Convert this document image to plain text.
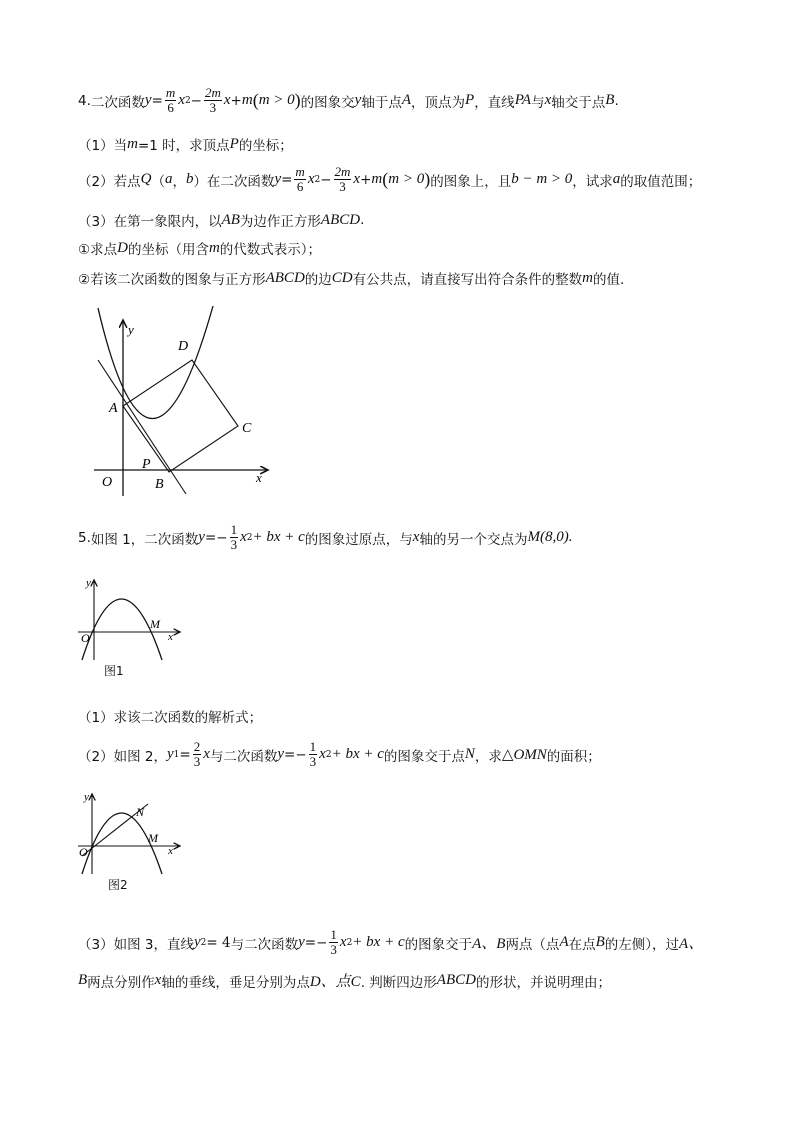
4. 二次函数 $y = \frac{m}{6}$ x $2 - \frac{2m}{3}$ x + m ( m > 0 ) 的图象交 y 轴于点 A ，顶点为 P ，直线 PA 与 x 轴交于点 B .
（1）当 m =1 时，求顶点 P 的坐标；
（2）若点 Q （ a ， b ）在二次函数 $y = \frac{m}{6}$ x $2 - \frac{2m}{3}$ x + m ( m > 0 ) 的图象上，且 b − m > 0 ，试求 a 的取值范围；
（3）在第一象限内，以 AB 为边作正方形 ABCD .
①求点 D 的坐标（用含 m 的代数式表示）；
②若该二次函数的图象与正方形 ABCD 的边 CD 有公共点，请直接写出符合条件的整数 m 的值.
y
x
O
A
B
C
D
P
5. 如图 1，二次函数 y = − $\frac{1}{3}$ x 2 + bx + c 的图象过原点，与 x 轴的另一个交点为 M(8,0).
y
x
O
M
图1
（1）求该二次函数的解析式；
（2）如图 2， y $1 = \frac{2}{3}$ x 与二次函数 y = − $\frac{1}{3}$ x 2 + bx + c 的图象交于点 N ，求 △OMN 的面积；
y
x
O
M
N
图2
（3）如图 3，直线 y 2 = 4 与二次函数 y = − $\frac{1}{3}$ x 2 + bx + c 的图象交于 A、B 两点（点 A 在点 B 的左侧），过 A、
B 两点分别作 x 轴的垂线，垂足分别为点 D、点C . 判断四边形 ABCD 的形状，并说明理由；
